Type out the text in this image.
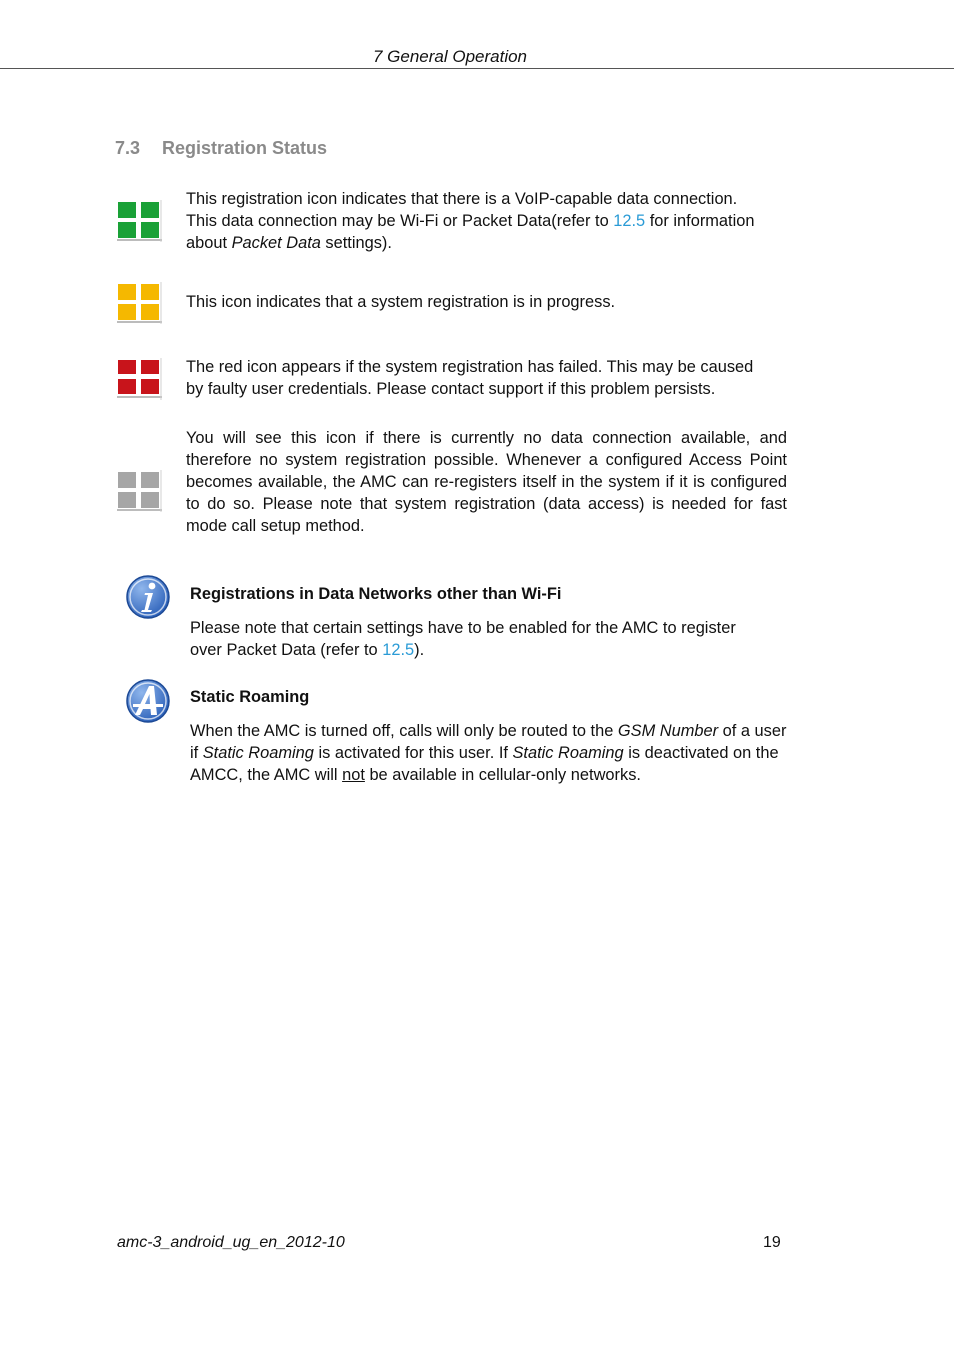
7 General Operation
7.3 Registration Status
This registration icon indicates that there is a VoIP-capable data connection.
This data connection may be Wi-Fi or Packet Data(refer to 12.5 for information
about Packet Data settings).
This icon indicates that a system registration is in progress.
The red icon appears if the system registration has failed. This may be caused
by faulty user credentials. Please contact support if this problem persists.
You will see this icon if there is currently no data connection available, and therefore no system registration possible. Whenever a configured Access Point becomes available, the AMC can re-registers itself in the system if it is configured to do so. Please note that system registration (data access) is needed for fast mode call setup method.
Registrations in Data Networks other than Wi-Fi
Please note that certain settings have to be enabled for the AMC to register
over Packet Data (refer to 12.5).
Static Roaming
When the AMC is turned off, calls will only be routed to the GSM Number of a user
if Static Roaming is activated for this user. If Static Roaming is deactivated on the
AMCC, the AMC will not be available in cellular-only networks.
amc-3_android_ug_en_2012-10	19
